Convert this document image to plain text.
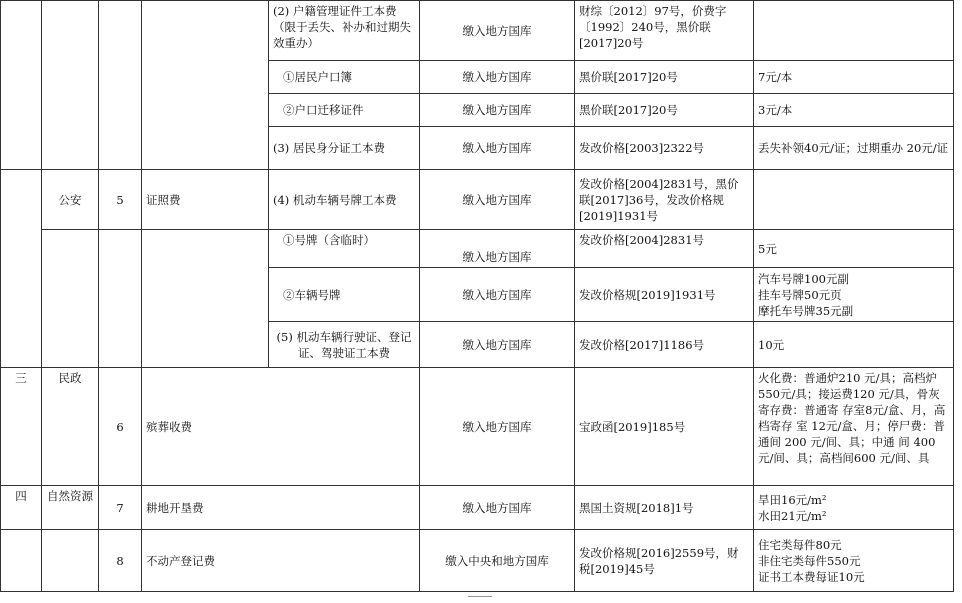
				(2) 户籍管理证件工本费（限于丢失、补办和过期失效重办）	缴入地方国库	财综〔2012〕97号，价费字〔1992〕240号，黑价联[2017]20号	
				①居民户口簿	缴入地方国库	黑价联[2017]20号	7元/本
				②户口迁移证件	缴入地方国库	黑价联[2017]20号	3元/本
				(3) 居民身分证工本费	缴入地方国库	发改价格[2003]2322号	丢失补领40元/证；过期重办 20元/证
	公安	5	证照费	(4) 机动车辆号牌工本费	缴入地方国库	发改价格[2004]2831号，黑价联[2017]36号，发改价格规[2019]1931号	
				①号牌（含临时）	缴入地方国库	发改价格[2004]2831号	5元
				②车辆号牌	缴入地方国库	发改价格规[2019]1931号	汽车号牌100元副
挂车号牌50元页
摩托车号牌35元副
				(5) 机动车辆行驶证、登记证、驾驶证工本费	缴入地方国库	发改价格[2017]1186号	10元
三	民政	6	殡葬收费		缴入地方国库	宝政函[2019]185号	火化费：普通炉210 元/具；高档炉550元/具；接运费120 元/具，骨灰寄存费：普通寄 存室8元/盒、月，高档寄存 室 12元/盒、月；停尸费：普通间 200 元/间、具；中通 间 400 元/间、具；高档间600 元/间、具
四	自然资源	7	耕地开垦费		缴入地方国库	黑国土资规[2018]1号	旱田16元/m²
水田21元/m²
		8	不动产登记费		缴入中央和地方国库	发改价格规[2016]2559号，财税[2019]45号	住宅类每件80元
非住宅类每件550元
证书工本费每证10元
